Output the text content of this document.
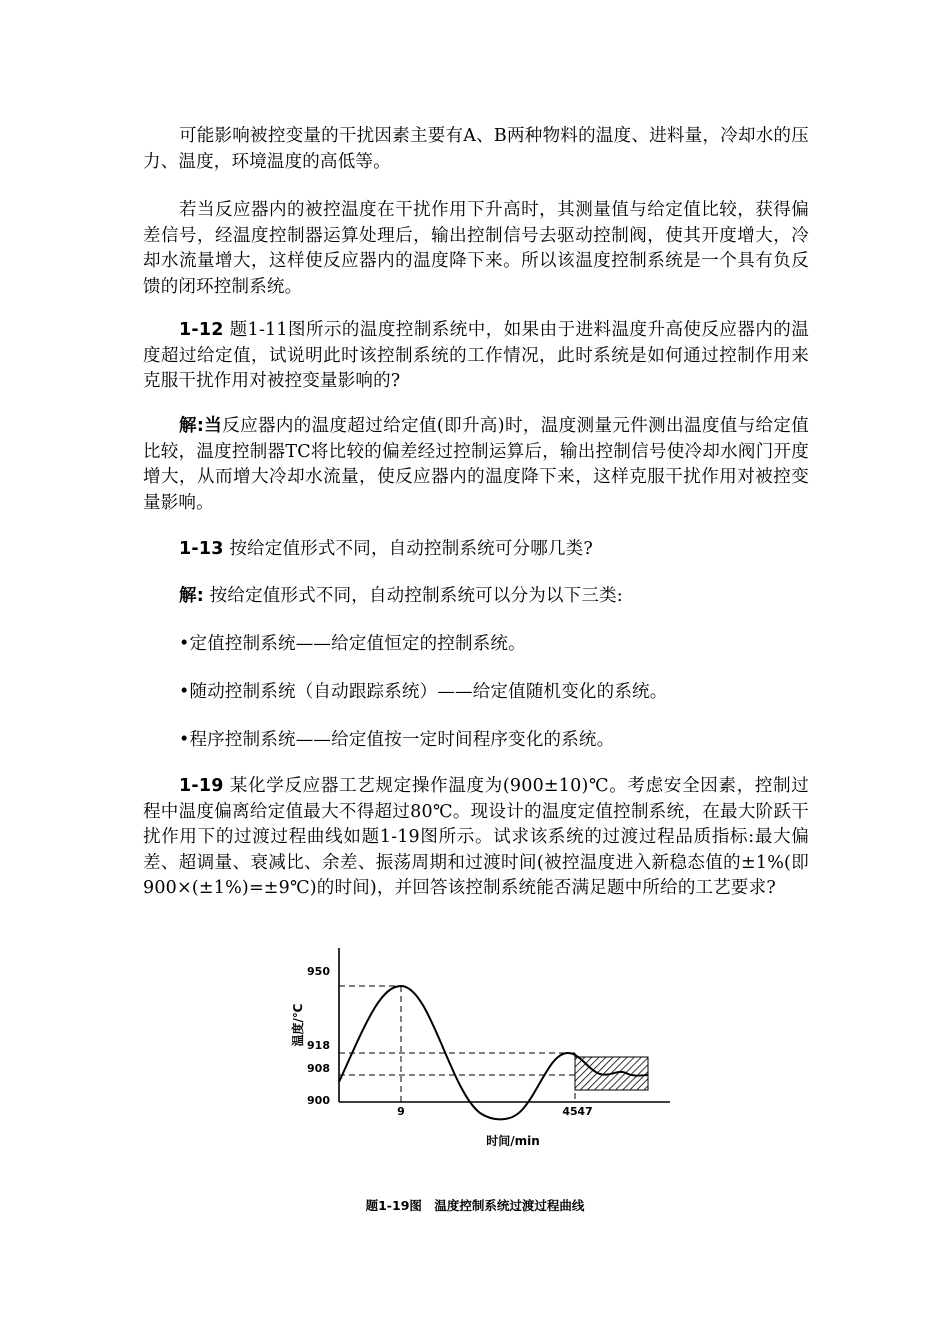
可能影响被控变量的干扰因素主要有A、B两种物料的温度、进料量，冷却水的压力、温度，环境温度的高低等。

若当反应器内的被控温度在干扰作用下升高时，其测量值与给定值比较，获得偏差信号，经温度控制器运算处理后，输出控制信号去驱动控制阀，使其开度增大，冷却水流量增大，这样使反应器内的温度降下来。所以该温度控制系统是一个具有负反馈的闭环控制系统。

1-12 题1-11图所示的温度控制系统中，如果由于进料温度升高使反应器内的温度超过给定值，试说明此时该控制系统的工作情况，此时系统是如何通过控制作用来克服干扰作用对被控变量影响的?

解:当反应器内的温度超过给定值(即升高)时，温度测量元件测出温度值与给定值比较，温度控制器TC将比较的偏差经过控制运算后，输出控制信号使冷却水阀门开度增大，从而增大冷却水流量，使反应器内的温度降下来，这样克服干扰作用对被控变量影响。

1-13 按给定值形式不同，自动控制系统可分哪几类?

解: 按给定值形式不同，自动控制系统可以分为以下三类:

•定值控制系统——给定值恒定的控制系统。

•随动控制系统（自动跟踪系统）——给定值随机变化的系统。

•程序控制系统——给定值按一定时间程序变化的系统。

1-19 某化学反应器工艺规定操作温度为(900±10)℃。考虑安全因素，控制过程中温度偏离给定值最大不得超过80℃。现设计的温度定值控制系统，在最大阶跃干扰作用下的过渡过程曲线如题1-19图所示。试求该系统的过渡过程品质指标:最大偏差、超调量、衰减比、余差、振荡周期和过渡时间(被控温度进入新稳态值的±1%(即900×(±1%)=±9℃)的时间)，并回答该控制系统能否满足题中所给的工艺要求?

950
918
908
900
9	45 47
时间/min
温度/℃
题1-19图　温度控制系统过渡过程曲线
